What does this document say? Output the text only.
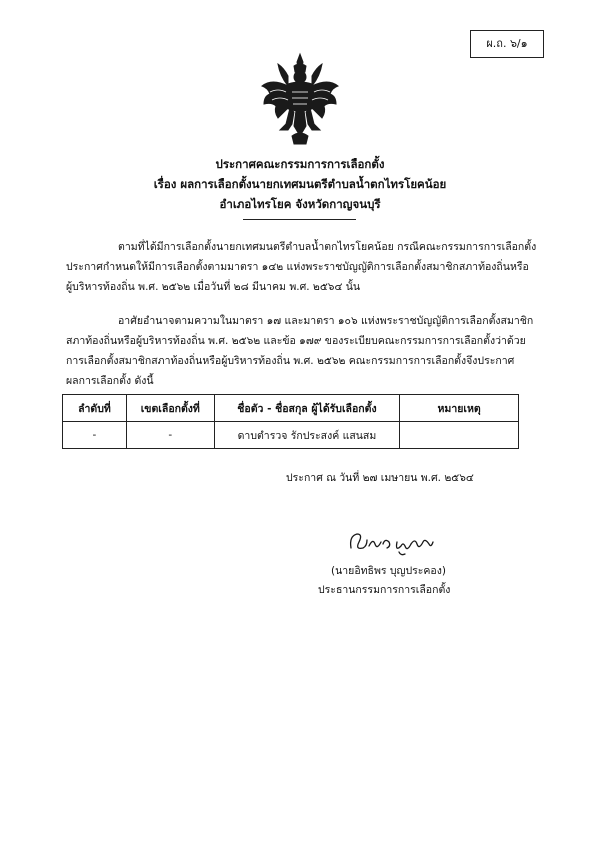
ผ.ถ. ๖/๑
ประกาศคณะกรรมการการเลือกตั้ง
เรื่อง ผลการเลือกตั้งนายกเทศมนตรีตำบลน้ำตกไทรโยคน้อย
อำเภอไทรโยค จังหวัดกาญจนบุรี
ตามที่ได้มีการเลือกตั้งนายกเทศมนตรีตำบลน้ำตกไทรโยคน้อย กรณีคณะกรรมการการเลือกตั้ง
ประกาศกำหนดให้มีการเลือกตั้งตามมาตรา ๑๔๒ แห่งพระราชบัญญัติการเลือกตั้งสมาชิกสภาท้องถิ่นหรือ
ผู้บริหารท้องถิ่น พ.ศ. ๒๕๖๒ เมื่อวันที่ ๒๘ มีนาคม พ.ศ. ๒๕๖๔ นั้น
อาศัยอำนาจตามความในมาตรา ๑๗ และมาตรา ๑๐๖ แห่งพระราชบัญญัติการเลือกตั้งสมาชิก
สภาท้องถิ่นหรือผู้บริหารท้องถิ่น พ.ศ. ๒๕๖๒ และข้อ ๑๗๙ ของระเบียบคณะกรรมการการเลือกตั้งว่าด้วย
การเลือกตั้งสมาชิกสภาท้องถิ่นหรือผู้บริหารท้องถิ่น พ.ศ. ๒๕๖๒ คณะกรรมการการเลือกตั้งจึงประกาศ
ผลการเลือกตั้ง ดังนี้
ลำดับที่	เขตเลือกตั้งที่	ชื่อตัว - ชื่อสกุล ผู้ได้รับเลือกตั้ง	หมายเหตุ
-	-	ดาบตำรวจ รักประสงค์ แสนสม	
ประกาศ ณ วันที่ ๒๗ เมษายน พ.ศ. ๒๕๖๔
(นายอิทธิพร บุญประคอง)
ประธานกรรมการการเลือกตั้ง
